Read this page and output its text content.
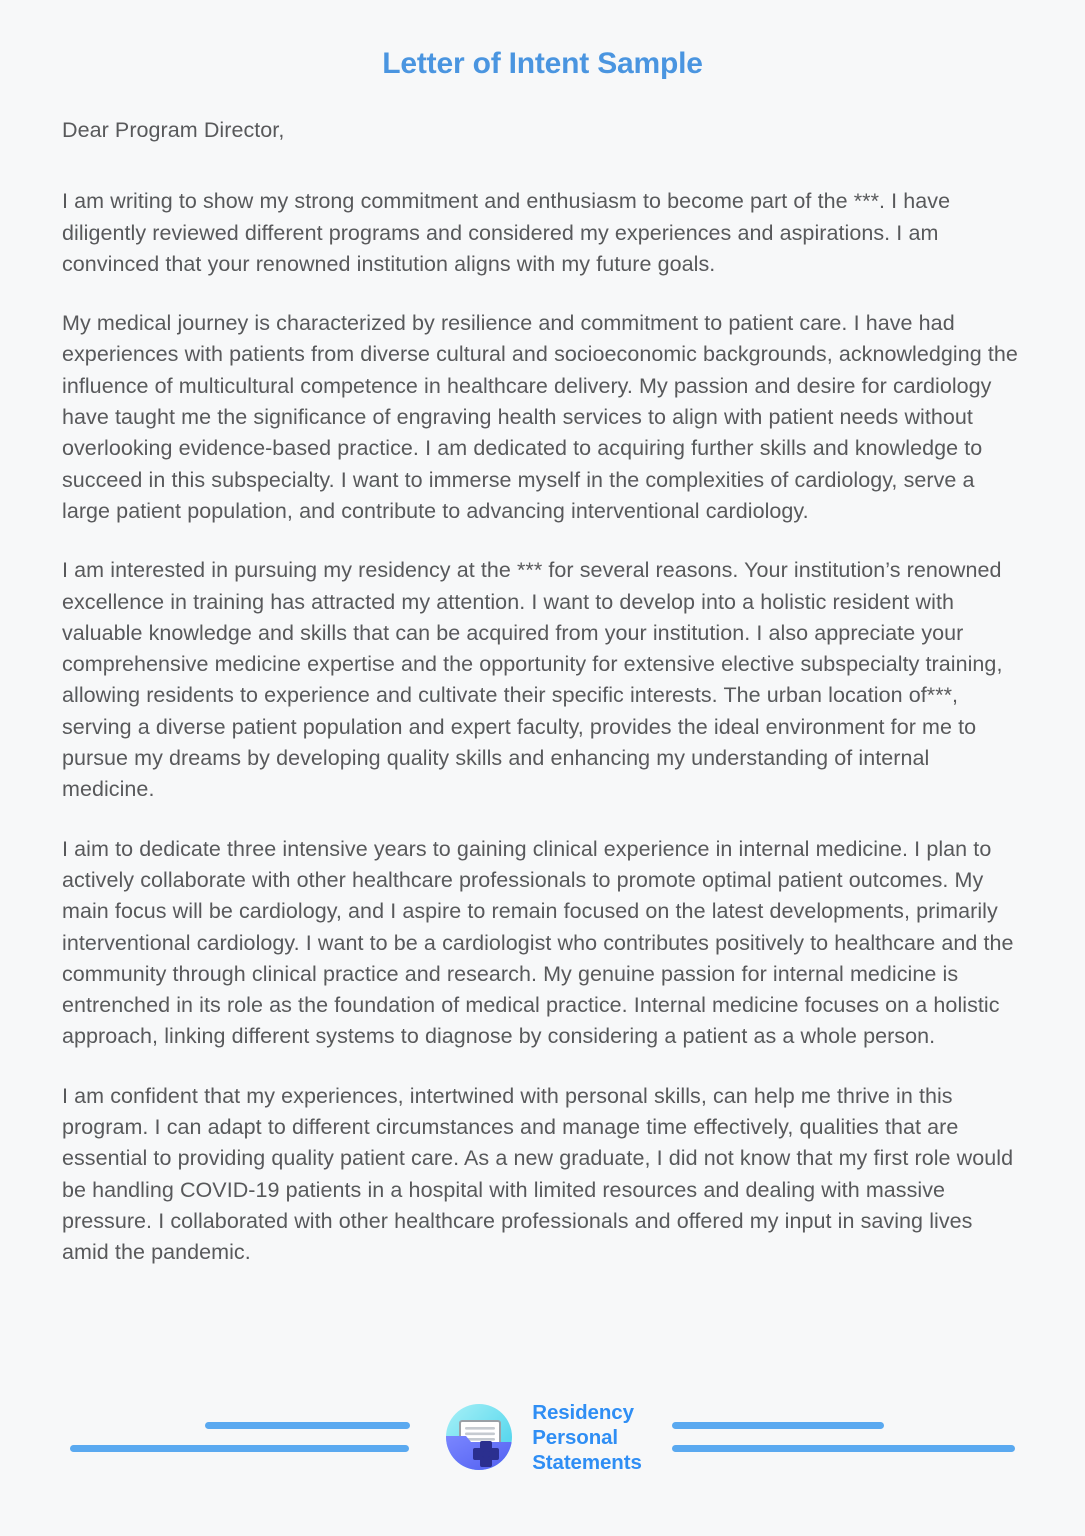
Letter of Intent Sample

Dear Program Director,

I am writing to show my strong commitment and enthusiasm to become part of the ***. I have diligently reviewed different programs and considered my experiences and aspirations. I am convinced that your renowned institution aligns with my future goals.

My medical journey is characterized by resilience and commitment to patient care. I have had experiences with patients from diverse cultural and socioeconomic backgrounds, acknowledging the influence of multicultural competence in healthcare delivery. My passion and desire for cardiology have taught me the significance of engraving health services to align with patient needs without overlooking evidence-based practice. I am dedicated to acquiring further skills and knowledge to succeed in this subspecialty. I want to immerse myself in the complexities of cardiology, serve a large patient population, and contribute to advancing interventional cardiology.

I am interested in pursuing my residency at the *** for several reasons. Your institution’s renowned excellence in training has attracted my attention. I want to develop into a holistic resident with valuable knowledge and skills that can be acquired from your institution. I also appreciate your comprehensive medicine expertise and the opportunity for extensive elective subspecialty training, allowing residents to experience and cultivate their specific interests. The urban location of***, serving a diverse patient population and expert faculty, provides the ideal environment for me to pursue my dreams by developing quality skills and enhancing my understanding of internal medicine.

I aim to dedicate three intensive years to gaining clinical experience in internal medicine. I plan to actively collaborate with other healthcare professionals to promote optimal patient outcomes. My main focus will be cardiology, and I aspire to remain focused on the latest developments, primarily interventional cardiology. I want to be a cardiologist who contributes positively to healthcare and the community through clinical practice and research. My genuine passion for internal medicine is entrenched in its role as the foundation of medical practice. Internal medicine focuses on a holistic approach, linking different systems to diagnose by considering a patient as a whole person.

I am confident that my experiences, intertwined with personal skills, can help me thrive in this program. I can adapt to different circumstances and manage time effectively, qualities that are essential to providing quality patient care. As a new graduate, I did not know that my first role would be handling COVID-19 patients in a hospital with limited resources and dealing with massive pressure. I collaborated with other healthcare professionals and offered my input in saving lives amid the pandemic.

Residency
Personal
Statements
